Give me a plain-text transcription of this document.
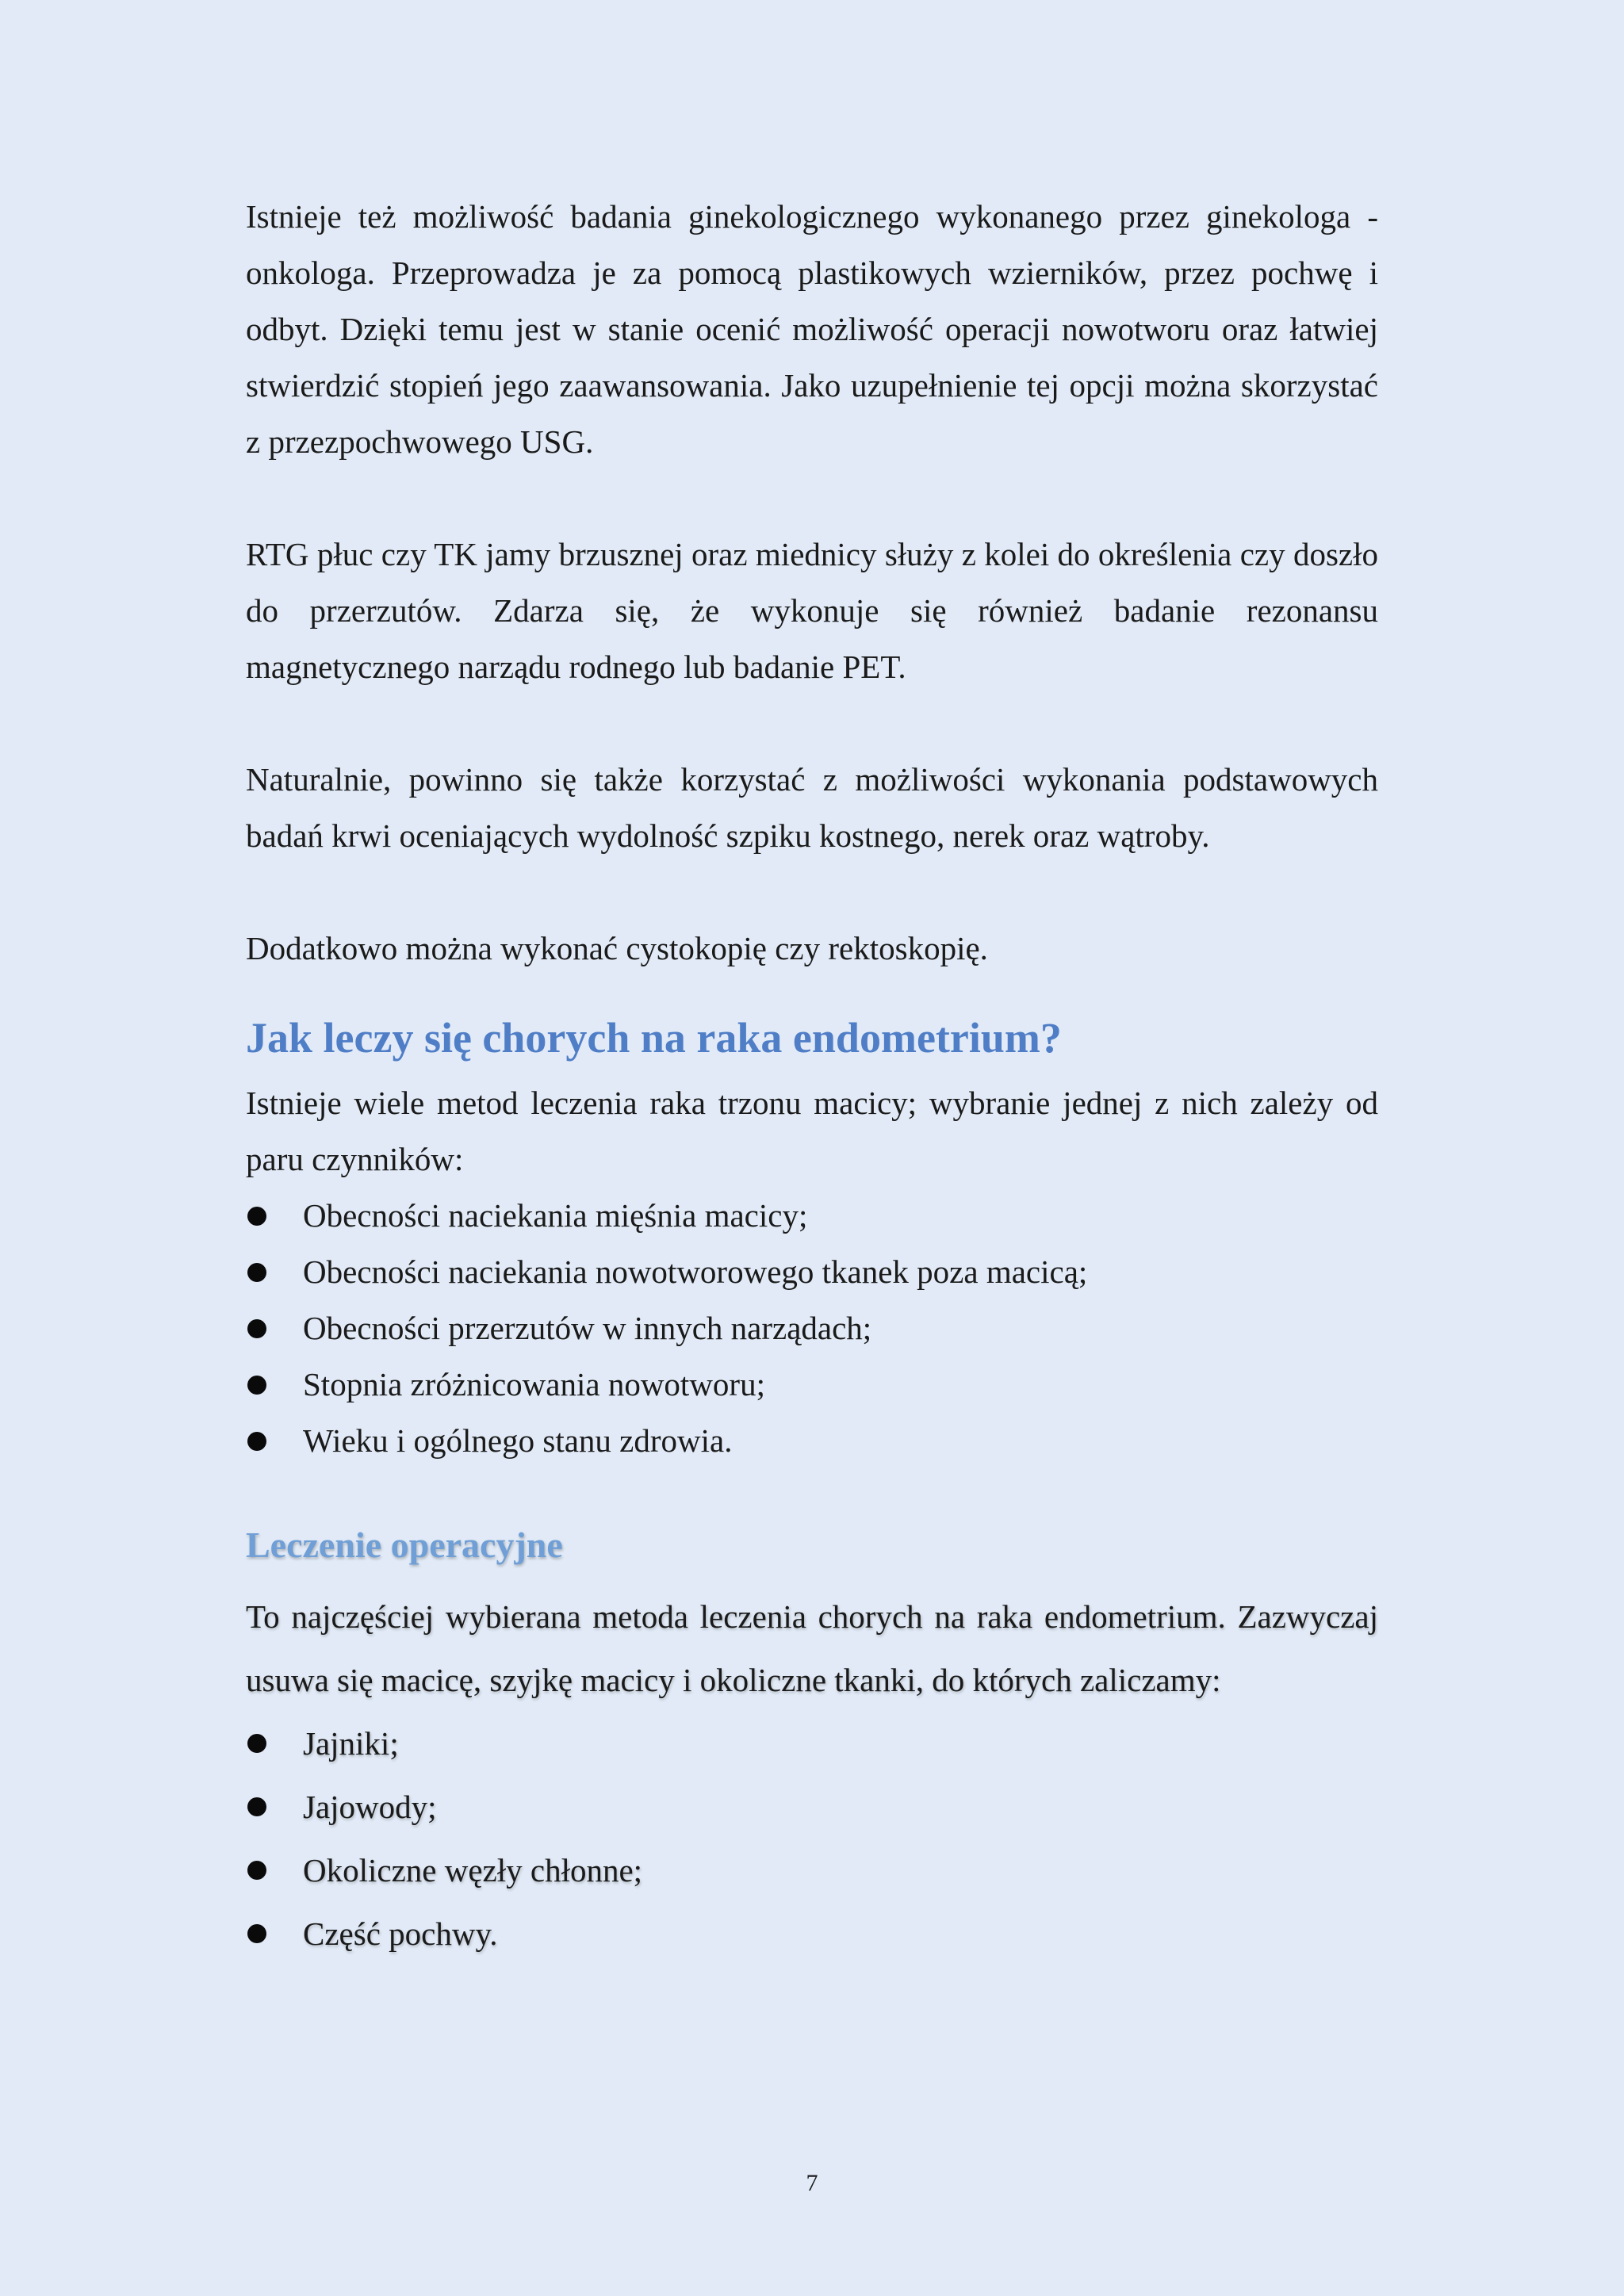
Istnieje też możliwość badania ginekologicznego wykonanego przez ginekologa - onkologa. Przeprowadza je za pomocą plastikowych wzierników, przez pochwę i odbyt. Dzięki temu jest w stanie ocenić możliwość operacji nowotworu oraz łatwiej stwierdzić stopień jego zaawansowania. Jako uzupełnienie tej opcji można skorzystać z przezpochwowego USG.

RTG płuc czy TK jamy brzusznej oraz miednicy służy z kolei do określenia czy doszło do przerzutów. Zdarza się, że wykonuje się również badanie rezonansu magnetycznego narządu rodnego lub badanie PET.

Naturalnie, powinno się także korzystać z możliwości wykonania podstawowych badań krwi oceniających wydolność szpiku kostnego, nerek oraz wątroby.

Dodatkowo można wykonać cystokopię czy rektoskopię.

Jak leczy się chorych na raka endometrium?

Istnieje wiele metod leczenia raka trzonu macicy; wybranie jednej z nich zależy od paru czynników:

Obecności naciekania mięśnia macicy;
Obecności naciekania nowotworowego tkanek poza macicą;
Obecności przerzutów w innych narządach;
Stopnia zróżnicowania nowotworu;
Wieku i ogólnego stanu zdrowia.
Leczenie operacyjne

To najczęściej wybierana metoda leczenia chorych na raka endometrium. Zazwyczaj usuwa się macicę, szyjkę macicy i okoliczne tkanki, do których zaliczamy:

Jajniki;
Jajowody;
Okoliczne węzły chłonne;
Część pochwy.
7
